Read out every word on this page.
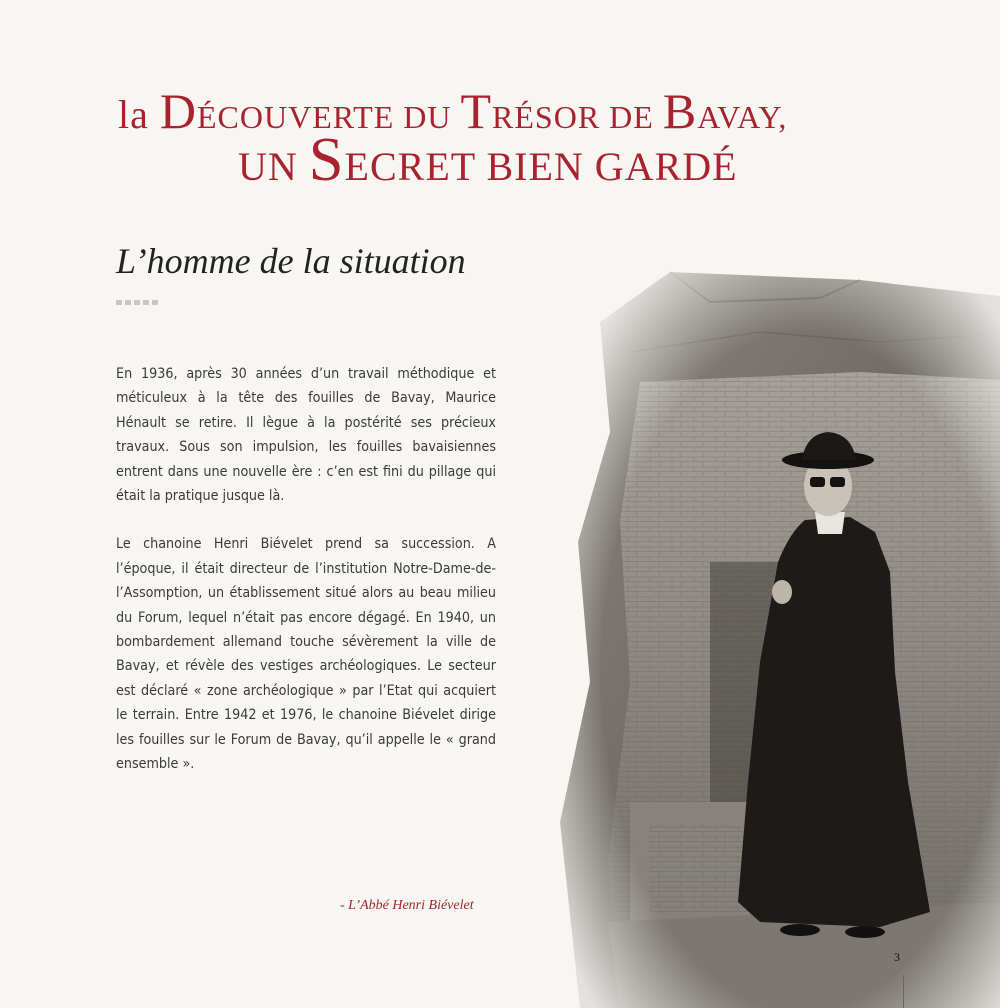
la DÉCOUVERTE DU TRÉSOR DE BAVAY,
UN SECRET BIEN GARDÉ
L’homme de la situation

En 1936, après 30 années d’un travail méthodique et méticuleux à la tête des fouilles de Bavay, Maurice Hénault se retire. Il lègue à la postérité ses précieux travaux. Sous son impulsion, les fouilles bavaisiennes entrent dans une nouvelle ère : c’en est fini du pillage qui était la pratique jusque là.

Le chanoine Henri Biévelet prend sa succession. A l’époque, il était directeur de l’institution Notre-Dame-de-l’Assomption, un établissement situé alors au beau milieu du Forum, lequel n’était pas encore dégagé. En 1940, un bombardement allemand touche sévèrement la ville de Bavay, et révèle des vestiges archéologiques. Le secteur est déclaré « zone archéologique » par l’Etat qui acquiert le terrain. Entre 1942 et 1976, le chanoine Biévelet dirige les fouilles sur le Forum de Bavay, qu’il appelle le « grand ensemble ».

- L’Abbé Henri Biévelet
3
